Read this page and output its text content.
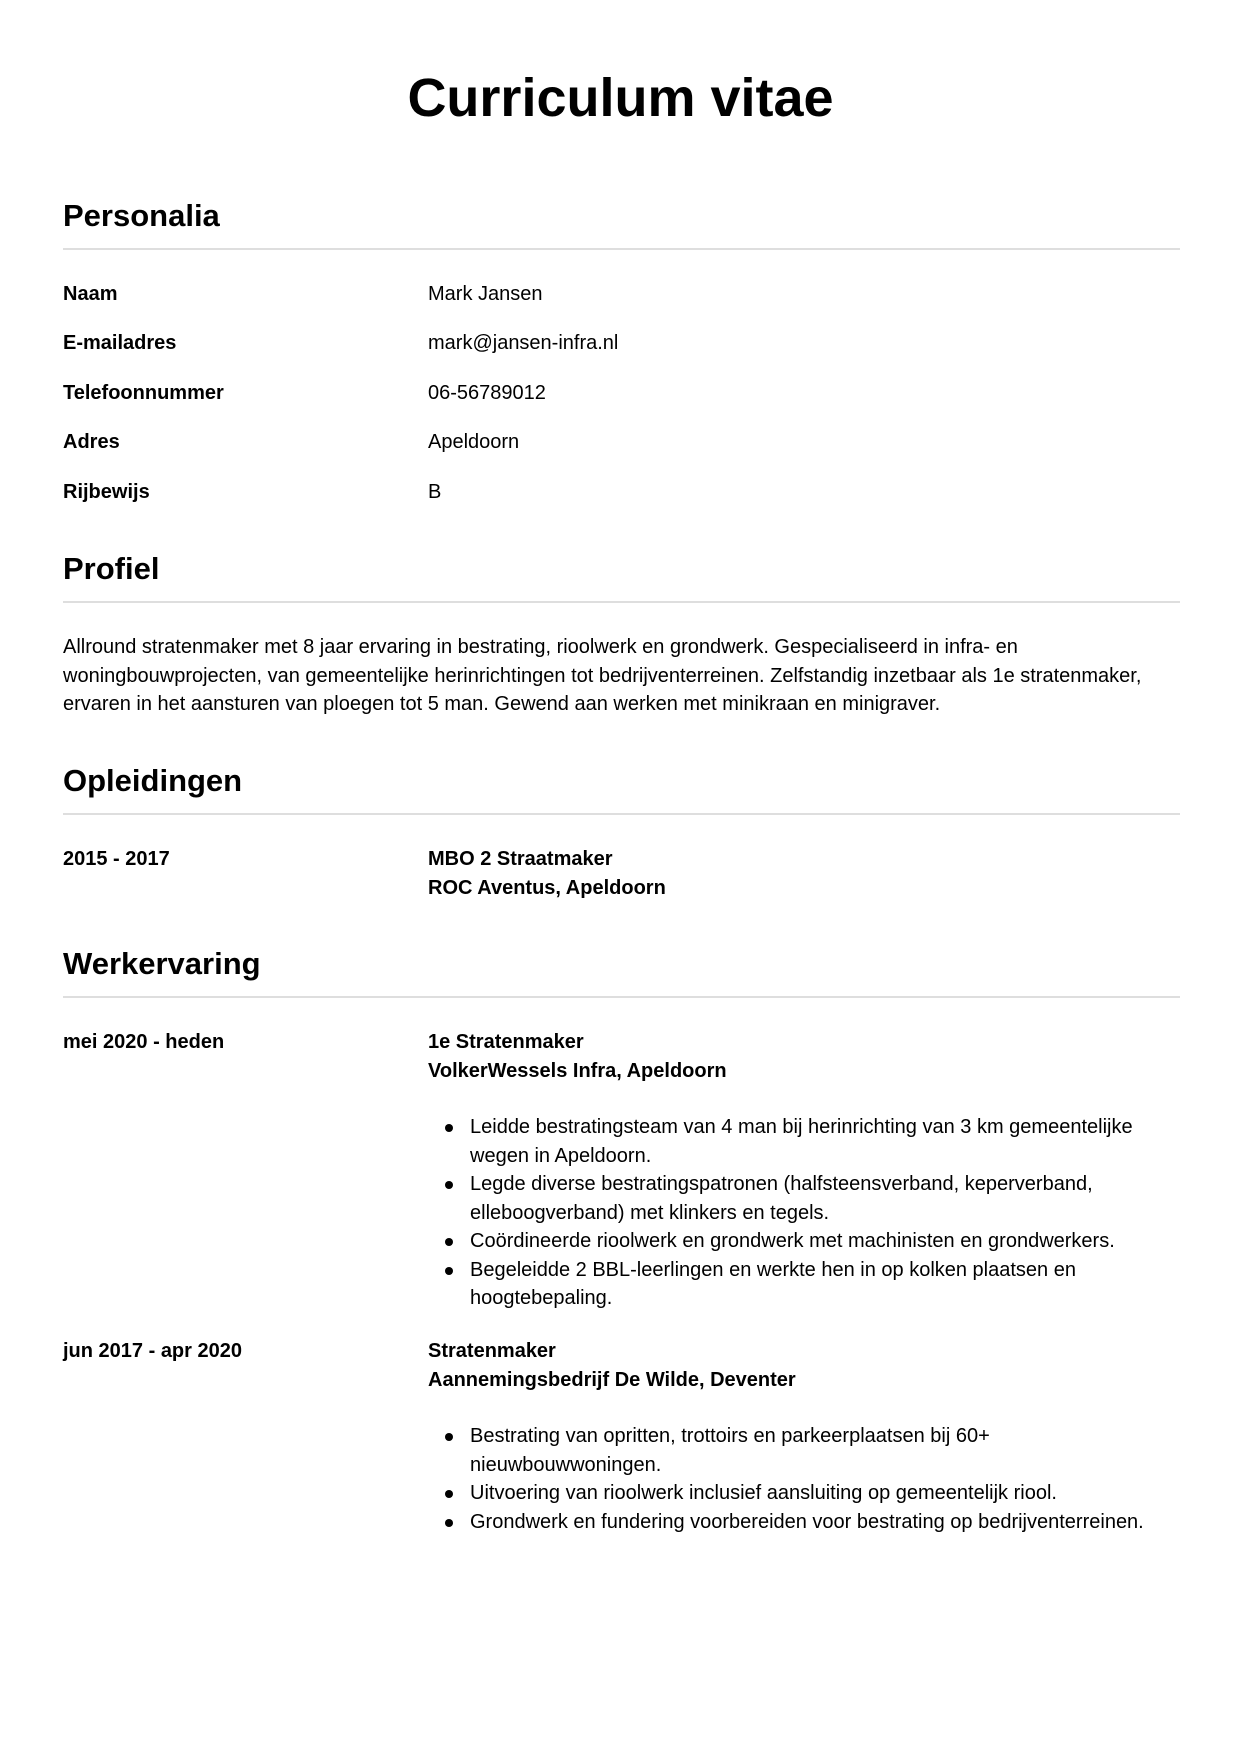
Curriculum vitae
Personalia
Naam	Mark Jansen
E-mailadres	mark@jansen-infra.nl
Telefoonnummer	06-56789012
Adres	Apeldoorn
Rijbewijs	B
Profiel

Allround stratenmaker met 8 jaar ervaring in bestrating, rioolwerk en grondwerk. Gespecialiseerd in infra- en woningbouwprojecten, van gemeentelijke herinrichtingen tot bedrijventerreinen. Zelfstandig inzetbaar als 1e stratenmaker, ervaren in het aansturen van ploegen tot 5 man. Gewend aan werken met minikraan en minigraver.

Opleidingen
2015 - 2017	MBO 2 Straatmaker
ROC Aventus, Apeldoorn
Werkervaring
mei 2020 - heden	1e Stratenmaker
VolkerWessels Infra, Apeldoorn
Leidde bestratingsteam van 4 man bij herinrichting van 3 km gemeentelijke wegen in Apeldoorn.
Legde diverse bestratingspatronen (halfsteensverband, keperverband, elleboogverband) met klinkers en tegels.
Coördineerde rioolwerk en grondwerk met machinisten en grondwerkers.
Begeleidde 2 BBL-leerlingen en werkte hen in op kolken plaatsen en hoogtebepaling.
jun 2017 - apr 2020	Stratenmaker
Aannemingsbedrijf De Wilde, Deventer
Bestrating van opritten, trottoirs en parkeerplaatsen bij 60+ nieuwbouwwoningen.
Uitvoering van rioolwerk inclusief aansluiting op gemeentelijk riool.
Grondwerk en fundering voorbereiden voor bestrating op bedrijventerreinen.
